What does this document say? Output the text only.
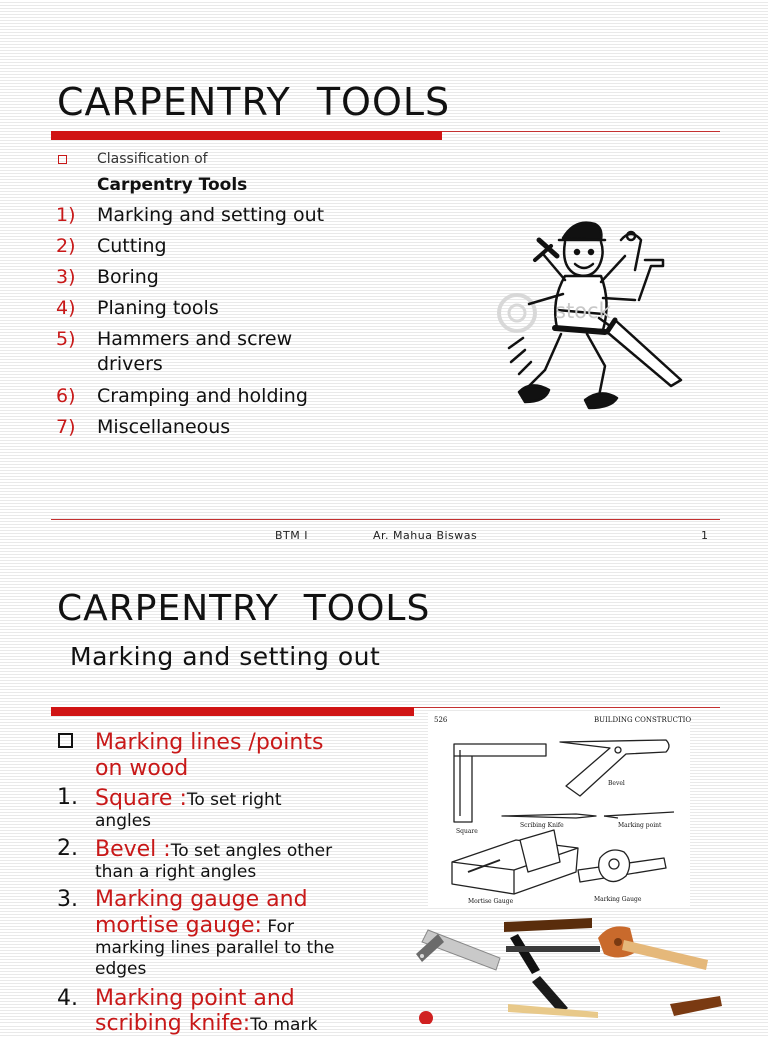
CARPENTRY  TOOLS
Classification of
Carpentry Tools
1) Marking and setting out
2) Cutting
3) Boring
4) Planing tools
5) Hammers and screw
drivers
6) Cramping and holding
7) Miscellaneous
stock
BTM I	Ar. Mahua Biswas	1
CARPENTRY  TOOLS
Marking and setting out
Marking lines /points
on wood
1. Square :To set right
angles
2. Bevel :To set angles other
than a right angles
3. Marking gauge and
mortise gauge: For
marking lines parallel to the
edges
4. Marking point and
scribing knife:To mark
526	BUILDING CONSTRUCTIO
Square
Bevel
Scribing Knife	Marking point
Mortise Gauge	Marking Gauge
